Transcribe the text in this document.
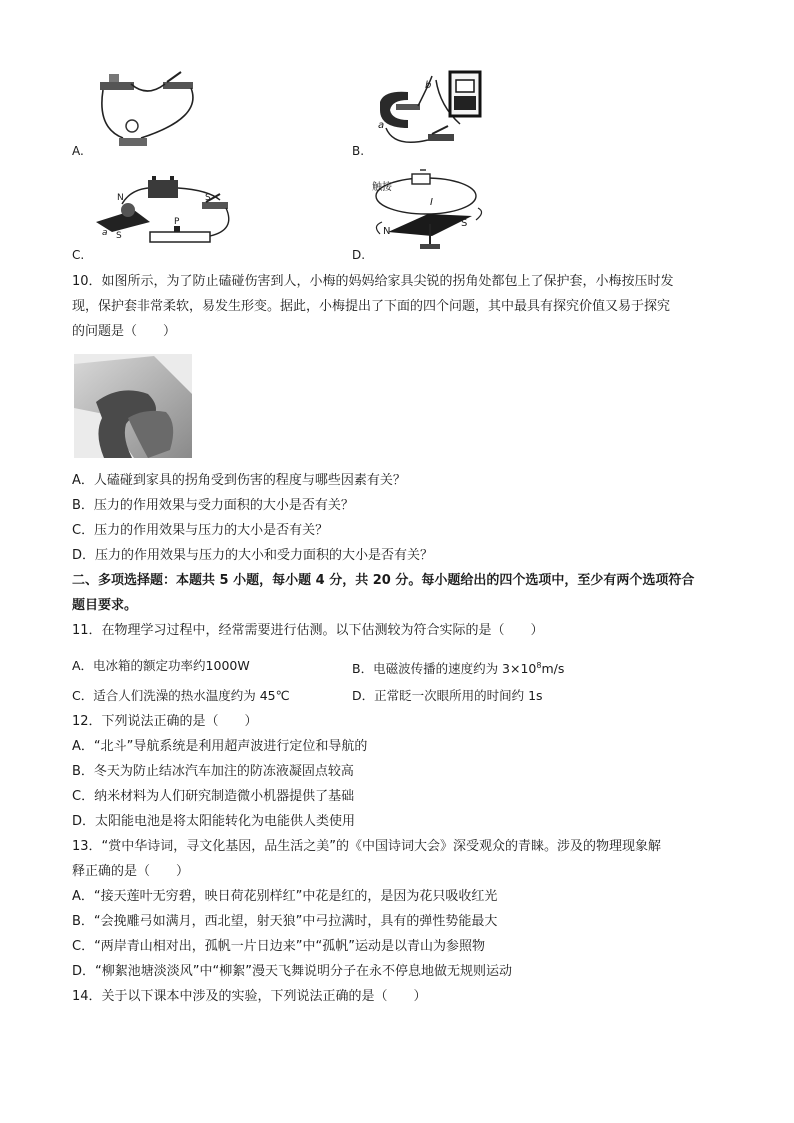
A.
b
a
B.
N	S
a S
P
C.
触接
I
N
S
D.
10．如图所示，为了防止磕碰伤害到人，小梅的妈妈给家具尖锐的拐角处都包上了保护套，小梅按压时发
现，保护套非常柔软，易发生形变。据此，小梅提出了下面的四个问题，其中最具有探究价值又易于探究
的问题是（　　）
A．人磕碰到家具的拐角受到伤害的程度与哪些因素有关？
B．压力的作用效果与受力面积的大小是否有关？
C．压力的作用效果与压力的大小是否有关？
D．压力的作用效果与压力的大小和受力面积的大小是否有关？
二、多项选择题：本题共 5 小题，每小题 4 分，共 20 分。每小题给出的四个选项中，至少有两个选项符合
题目要求。
11．在物理学习过程中，经常需要进行估测。以下估测较为符合实际的是（　　）
A．电冰箱的额定功率约1000W	B．电磁波传播的速度约为 $3\times 10^8m/s$
C．适合人们洗澡的热水温度约为 45℃	D．正常眨一次眼所用的时间约 1s
12．下列说法正确的是（　　）
A．“北斗”导航系统是利用超声波进行定位和导航的
B．冬天为防止结冰汽车加注的防冻液凝固点较高
C．纳米材料为人们研究制造微小机器提供了基础
D．太阳能电池是将太阳能转化为电能供人类使用
13．“赏中华诗词，寻文化基因，品生活之美”的《中国诗词大会》深受观众的青睐。涉及的物理现象解
释正确的是（　　）
A．“接天莲叶无穷碧，映日荷花别样红”中花是红的，是因为花只吸收红光
B．“会挽雕弓如满月，西北望，射天狼”中弓拉满时，具有的弹性势能最大
C．“两岸青山相对出，孤帆一片日边来”中“孤帆”运动是以青山为参照物
D．“柳絮池塘淡淡风”中“柳絮”漫天飞舞说明分子在永不停息地做无规则运动
14．关于以下课本中涉及的实验，下列说法正确的是（　　）
